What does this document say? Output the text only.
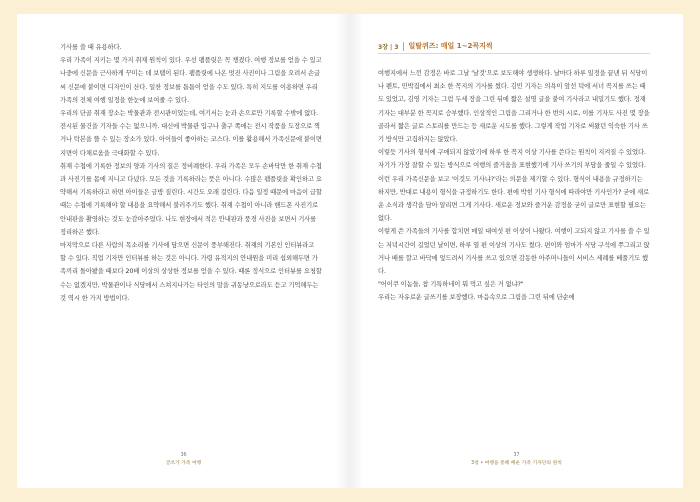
기사를 쓸 때 유용하다.

우리 가족이 지키는 몇 가지 취재 원칙이 있다. 우선 팸플릿은 꼭 챙겼다. 여행 정보를 얻을 수 있고 나중에 신문을 근사하게 꾸미는 데 보탬이 된다. 팸플릿에 나온 멋진 사진이나 그림을 오려서 손글씨 신문에 붙이면 디자인이 산다. 일찬 정보를 틈틈이 얻을 수도 있다. 특히 지도를 이용하면 우리 가족의 전체 여행 일정을 한눈에 보여줄 수 있다.

우리의 단골 취재 장소는 박물관과 전시관이었는데, 여기서는 눈과 손으로만 기록할 수밖에 없다. 전시된 물건을 기자들 수는 없으니까. 대신에 박물관 입구나 출구 쪽에는 전시 작품을 도장으로 찍거나 탁본을 뜰 수 있는 장소가 있다. 아이들이 좋아하는 코스다. 이를 활용해서 가족신문에 붙이면 지면이 다채로움을 극대화할 수 있다.

취재 수첩에 기록한 정보의 양과 기사의 질은 정비례한다. 우리 가족은 모두 손바닥만 한 취재 수첩과 사진기를 몸에 지니고 다녔다. 모든 것을 기록하라는 뜻은 아니다. 수많은 팸플릿을 확인하고 요약해서 기록하라고 하면 아이들은 금방 질린다. 시간도 오래 걸린다. 다음 일정 때문에 마음이 급할 때는 수첩에 기록해야 할 내용을 요약해서 불러주기도 했다. 취재 수첩이 아니라 핸드폰 사진기로 안내판을 촬영하는 것도 눈감아주었다. 나도 현장에서 적은 안내판과 풍경 사진을 보면서 기사를 정리하곤 했다.

마지막으로 다른 사람의 목소리를 기사에 담으면 신문이 풍부해진다. 취재의 기본인 인터뷰라고 할 수 있다. 직업 기자만 인터뷰를 하는 것은 아니다. 가령 유적지의 안내원을 미리 섭외해두면 가족끼리 돌아봤을 때보다 20배 이상의 상상한 정보를 얻을 수 있다. 때론 정식으로 인터뷰를 요청할 수는 없겠지만, 박물관이나 식당에서 스쳐지나가는 타인의 말을 귀동냥으로라도 듣고 기억해두는 것 역시 한 가지 방법이다.

36
글쓰기 가족 여행
3장 | 3	일탈퀴즈: 매일 1~2꼭지씩

여행지에서 느낀 감정은 바로 그날 '날것'으로 보도해야 생생하다. 날마다 하루 일정을 끝낸 뒤 식당이나 펜트, 민박집에서 최소 한 꼭지의 기사를 썼다. 김민 기자는 의욕이 앞선 덕에 서너 꼭지를 쓰는 때도 있었고, 김영 기자는 그럼 두세 장을 그린 뒤에 짧은 설명 글을 붙여 기사라고 내밀기도 했다. 정재 기자는 대부분 한 꼭지로 승부했다. 인상적인 그림을 그리거나 한 번의 시로, 이를 기자도 사진 몇 장을 골라서 짧은 글로 스토리를 만드는 등 새로운 시도를 했다. 그렇게 작업 기자로 써왔던 익숙한 기사 쓰기 방식만 고집하지는 않았다.

이렇듯 기사의 형식에 구애되지 않았기에 하루 한 꼭지 이상 기사를 쓴다는 원칙이 지켜질 수 있었다. 자기가 가장 잘할 수 있는 방식으로 여행의 즐거움을 표현했기에 기사 쓰기의 부담을 줄일 수 있었다.

이런 우리 가족신문을 보고 '이것도 기사냐?'라는 의문을 제기할 수 있다. 형식이 내용을 규정하기는 하지만, 반대로 내용이 형식을 규정하기도 한다. 편에 박힌 기사 형식에 따라야만 기사인가? 굳에 새로운 소식과 생각을 담아 알리면 그게 기사다. 새로운 정보와 즐거운 감정을 굳이 글로만 표현할 필요는 없다.

이렇게 쓴 가족들의 기사를 합치면 매일 대여섯 편 이상이 나왔다. 여행이 고되지 않고 기사를 쓸 수 있는 저녁시간이 길었던 날이면, 하루 열 편 이상의 기사도 썼다. 편이와 엄마가 식당 구석에 쭈그리고 앉거나 배를 깔고 바닥에 엎드려서 기사를 쓰고 있으면 감동한 아주머니들이 서비스 세례를 베풀기도 했다.

"어이쿠 이놈들, 참 기특하네이 뭐 먹고 싶은 거 없냐?"

우리는 자유로운 글쓰기를 보장했다. 마음속으로 그림을 그린 뒤에 단순에

37
3장 • 여행을 통해 배운 가족 기자단의 원칙
